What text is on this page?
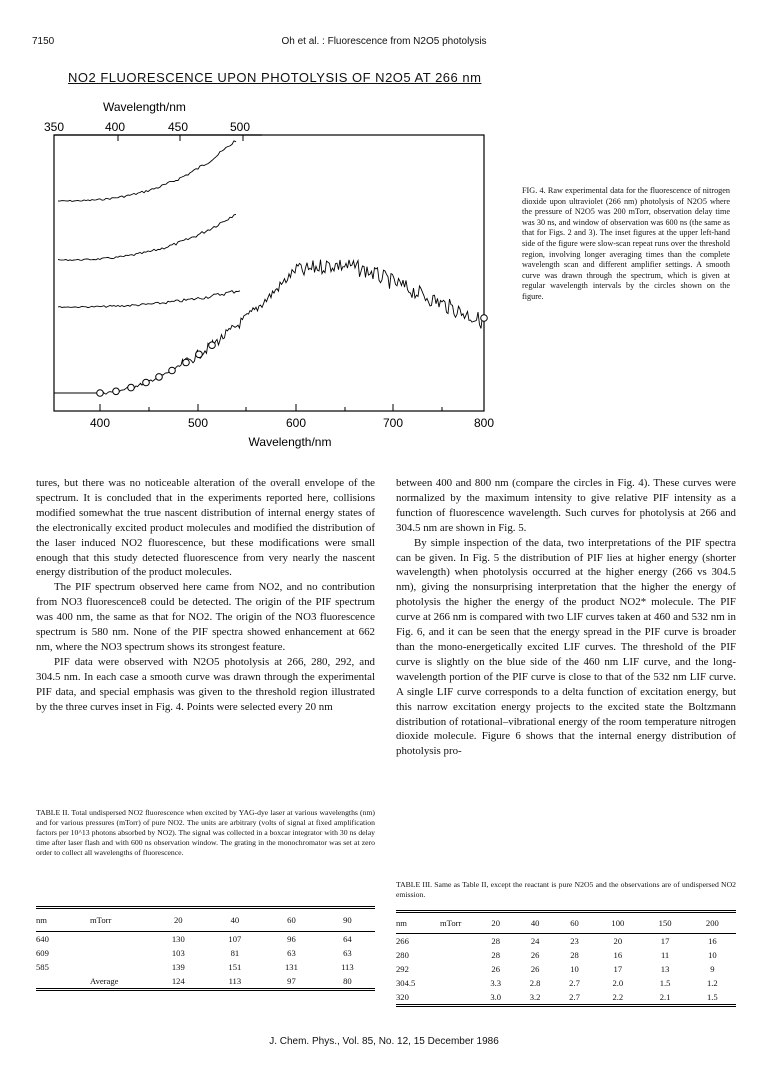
7150	Oh et al. : Fluorescence from N2O5 photolysis
NO2 FLUORESCENCE UPON PHOTOLYSIS OF N2O5 AT 266 nm
350	400	450	500
Wavelength/nm
400	500	600	700	800
Wavelength/nm
FIG. 4. Raw experimental data for the fluorescence of nitrogen dioxide upon ultraviolet (266 nm) photolysis of N2O5 where the pressure of N2O5 was 200 mTorr, observation delay time was 30 ns, and window of observation was 600 ns (the same as that for Figs. 2 and 3). The inset figures at the upper left-hand side of the figure were slow-scan repeat runs over the threshold region, involving longer averaging times than the complete wavelength scan and different amplifier settings. A smooth curve was drawn through the spectrum, which is given at regular wavelength intervals by the circles shown on the figure.

tures, but there was no noticeable alteration of the overall envelope of the spectrum. It is concluded that in the experiments reported here, collisions modified somewhat the true nascent distribution of internal energy states of the electronically excited product molecules and modified the distribution of the laser induced NO2 fluorescence, but these modifications were small enough that this study detected fluorescence from very nearly the nascent energy distribution of the product molecules.

The PIF spectrum observed here came from NO2, and no contribution from NO3 fluorescence8 could be detected. The origin of the PIF spectrum was 400 nm, the same as that for NO2. The origin of the NO3 fluorescence spectrum is 580 nm. None of the PIF spectra showed enhancement at 662 nm, where the NO3 spectrum shows its strongest feature.

PIF data were observed with N2O5 photolysis at 266, 280, 292, and 304.5 nm. In each case a smooth curve was drawn through the experimental PIF data, and special emphasis was given to the threshold region illustrated by the three curves inset in Fig. 4. Points were selected every 20 nm

between 400 and 800 nm (compare the circles in Fig. 4). These curves were normalized by the maximum intensity to give relative PIF intensity as a function of fluorescence wavelength. Such curves for photolysis at 266 and 304.5 nm are shown in Fig. 5.

By simple inspection of the data, two interpretations of the PIF spectra can be given. In Fig. 5 the distribution of PIF lies at higher energy (shorter wavelength) when photolysis occurred at the higher energy (266 vs 304.5 nm), giving the nonsurprising interpretation that the higher the energy of photolysis the higher the energy of the product NO2* molecule. The PIF curve at 266 nm is compared with two LIF curves taken at 460 and 532 nm in Fig. 6, and it can be seen that the energy spread in the PIF curve is broader than the mono-energetically excited LIF curves. The threshold of the PIF curve is slightly on the blue side of the 460 nm LIF curve, and the long-wavelength portion of the PIF curve is close to that of the 532 nm LIF curve. A single LIF curve corresponds to a delta function of excitation energy, but this narrow excitation energy projects to the excited state the Boltzmann distribution of rotational–vibrational energy of the room temperature nitrogen dioxide molecule. Figure 6 shows that the internal energy distribution of photolysis pro-

TABLE II. Total undispersed NO2 fluorescence when excited by YAG-dye laser at various wavelengths (nm) and for various pressures (mTorr) of pure NO2. The units are arbitrary (volts of signal at fixed amplification factors per 10^13 photons absorbed by NO2). The signal was collected in a boxcar integrator with 30 ns delay time after laser flash and with 600 ns observation window. The grating in the monochromator was set at zero order to collect all wavelengths of fluorescence.
nm	mTorr	20	40	60	90
640		130	107	96	64
609		103	81	63	63
585		139	151	131	113
	Average	124	113	97	80
TABLE III. Same as Table II, except the reactant is pure N2O5 and the observations are of undispersed NO2 emission.
nm	mTorr	20	40	60	100	150	200
266		28	24	23	20	17	16
280		28	26	28	16	11	10
292		26	26	10	17	13	9
304.5		3.3	2.8	2.7	2.0	1.5	1.2
320		3.0	3.2	2.7	2.2	2.1	1.5
J. Chem. Phys., Vol. 85, No. 12, 15 December 1986
